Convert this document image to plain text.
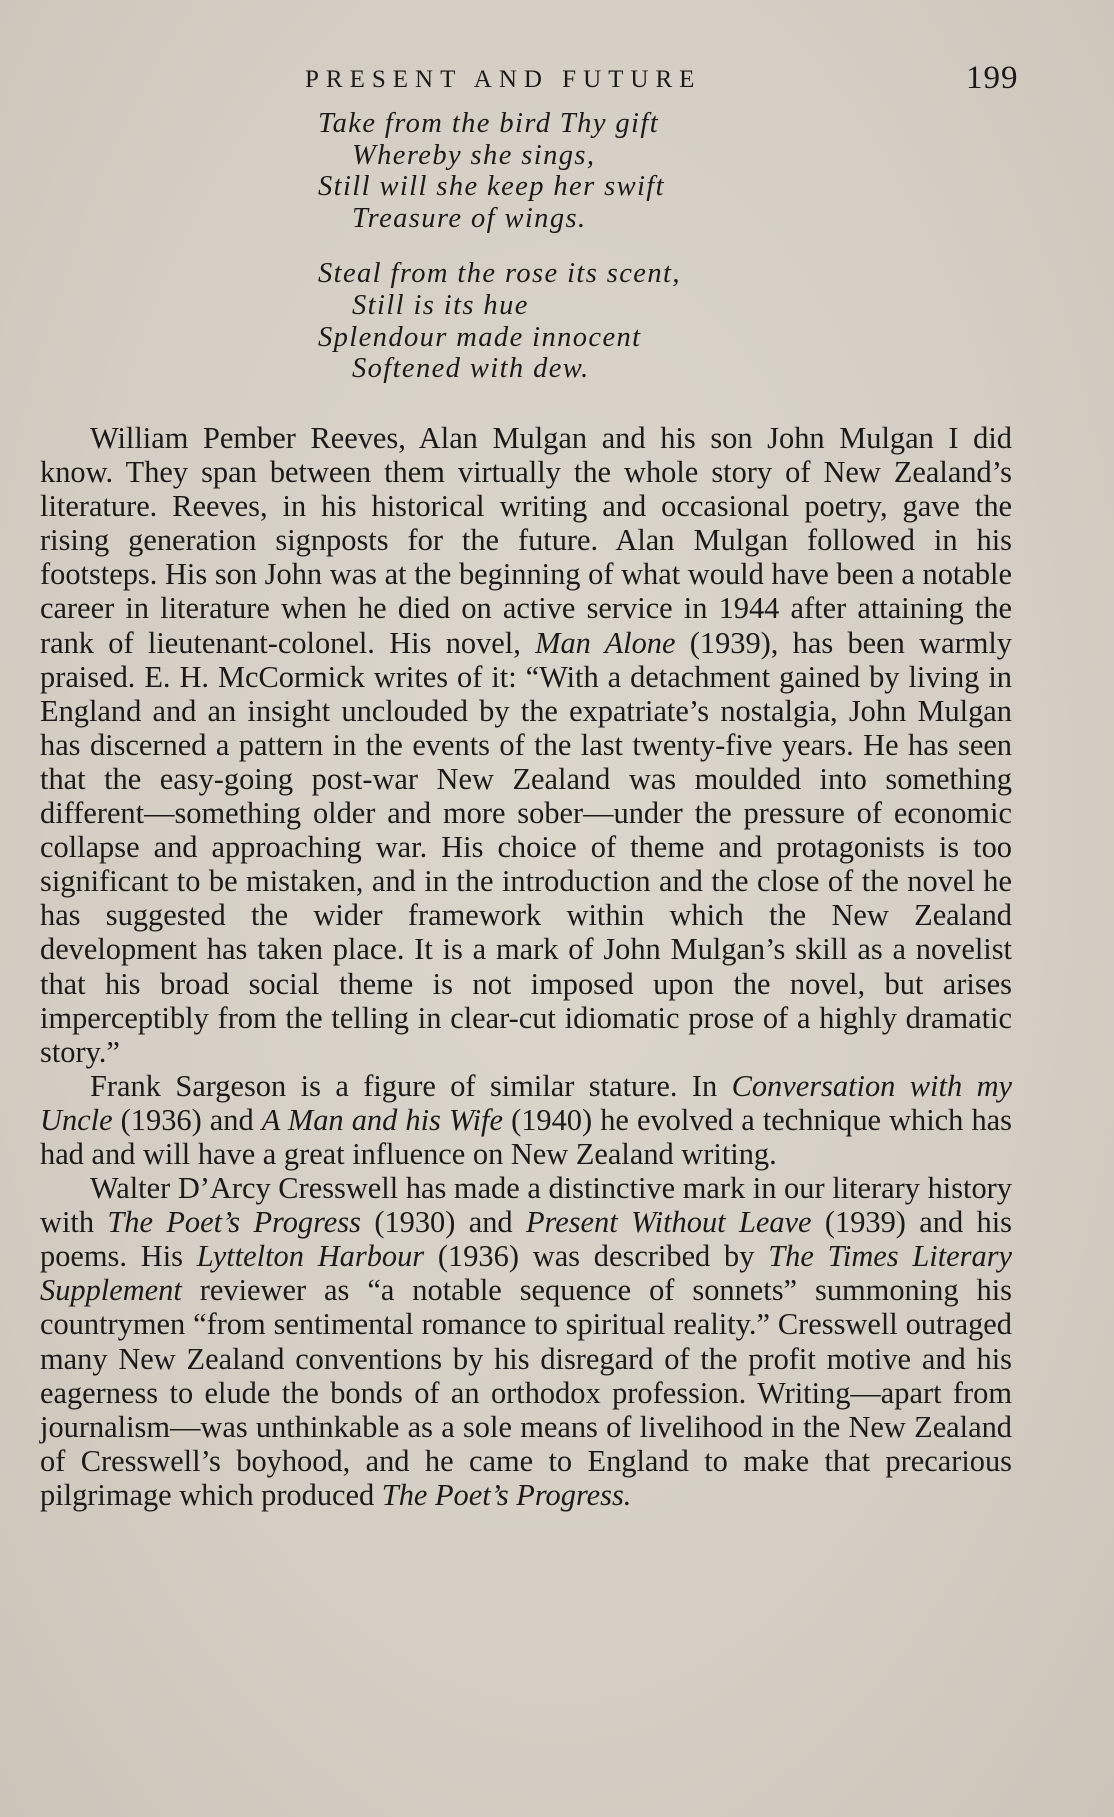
PRESENT AND FUTURE	199
Take from the bird Thy gift
Whereby she sings,
Still will she keep her swift
Treasure of wings.
Steal from the rose its scent,
Still is its hue
Splendour made innocent
Softened with dew.

William Pember Reeves, Alan Mulgan and his son John Mulgan I did know. They span between them virtually the whole story of New Zealand’s literature. Reeves, in his historical writing and occasional poetry, gave the rising generation signposts for the future. Alan Mulgan followed in his footsteps. His son John was at the beginning of what would have been a notable career in literature when he died on active service in 1944 after attaining the rank of lieutenant-colonel. His novel, Man Alone (1939), has been warmly praised. E. H. McCormick writes of it: “With a detachment gained by living in England and an insight unclouded by the expatriate’s nostalgia, John Mulgan has discerned a pattern in the events of the last twenty-five years. He has seen that the easy-going post-war New Zealand was moulded into something different—something older and more sober—under the pressure of economic collapse and approaching war. His choice of theme and protagonists is too significant to be mistaken, and in the introduction and the close of the novel he has suggested the wider framework within which the New Zealand development has taken place. It is a mark of John Mulgan’s skill as a novelist that his broad social theme is not imposed upon the novel, but arises imperceptibly from the telling in clear-cut idiomatic prose of a highly dramatic story.”

Frank Sargeson is a figure of similar stature. In Conversation with my Uncle (1936) and A Man and his Wife (1940) he evolved a technique which has had and will have a great influence on New Zealand writing.

Walter D’Arcy Cresswell has made a distinctive mark in our literary history with The Poet’s Progress (1930) and Present Without Leave (1939) and his poems. His Lyttelton Harbour (1936) was described by The Times Literary Supplement reviewer as “a notable sequence of sonnets” summoning his countrymen “from sentimental romance to spiritual reality.” Cresswell outraged many New Zealand conventions by his disregard of the profit motive and his eagerness to elude the bonds of an orthodox profession. Writing—apart from journalism—was unthinkable as a sole means of livelihood in the New Zealand of Cresswell’s boyhood, and he came to England to make that precarious pilgrimage which produced The Poet’s Progress.
